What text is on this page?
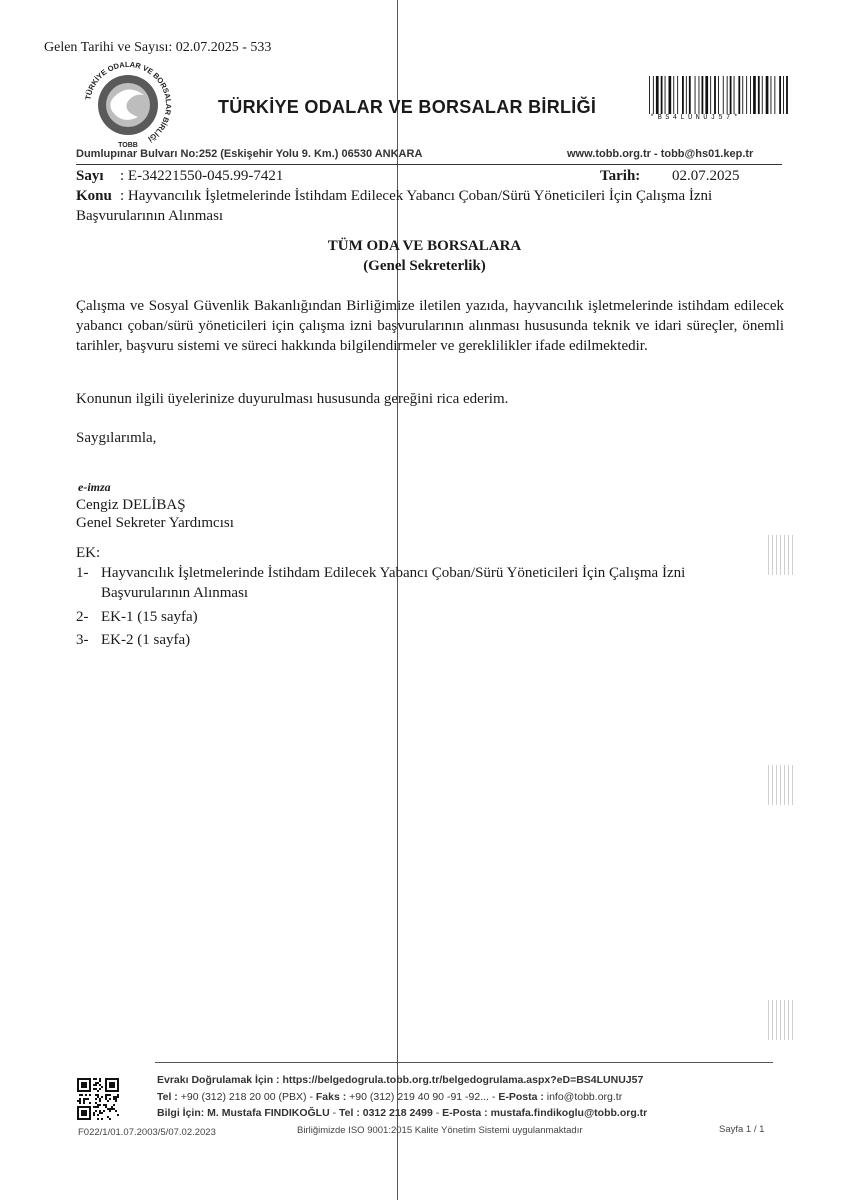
Gelen Tarihi ve Sayısı: 02.07.2025 - 533
TÜRKİYE ODALAR VE BORSALAR BİRLİĞİ
TOBB
TÜRKİYE ODALAR VE BORSALAR BİRLİĞİ
*BS4LUNUJ57*
Dumlupınar Bulvarı No:252 (Eskişehir Yolu 9. Km.) 06530 ANKARA	www.tobb.org.tr - tobb@hs01.kep.tr
Sayı : E-34221550-045.99-7421	Tarih: 02.07.2025
Konu : Hayvancılık İşletmelerinde İstihdam Edilecek Yabancı Çoban/Sürü Yöneticileri İçin Çalışma İzni
Başvurularının Alınması
TÜM ODA VE BORSALARA
(Genel Sekreterlik)
Çalışma ve Sosyal Güvenlik Bakanlığından Birliğimize iletilen yazıda, hayvancılık işletmelerinde istihdam edilecek yabancı çoban/sürü yöneticileri için çalışma izni başvurularının alınması hususunda teknik ve idari süreçler, önemli tarihler, başvuru sistemi ve süreci hakkında bilgilendirmeler ve gereklilikler ifade edilmektedir.
Konunun ilgili üyelerinize duyurulması hususunda gereğini rica ederim.
Saygılarımla,
e-imza
Cengiz DELİBAŞ
Genel Sekreter Yardımcısı
EK:
1- Hayvancılık İşletmelerinde İstihdam Edilecek Yabancı Çoban/Sürü Yöneticileri İçin Çalışma İzni
Başvurularının Alınması
2- EK-1 (15 sayfa)
3- EK-2 (1 sayfa)
Evrakı Doğrulamak İçin : https://belgedogrula.tobb.org.tr/belgedogrulama.aspx?eD=BS4LUNUJ57
Tel : +90 (312) 218 20 00 (PBX) - Faks : +90 (312) 219 40 90 -91 -92... - E-Posta : info@tobb.org.tr
Bilgi İçin: M. Mustafa FINDIKOĞLU - Tel : 0312 218 2499 - E-Posta : mustafa.findikoglu@tobb.org.tr
F022/1/01.07.2003/5/07.02.2023	Birliğimizde ISO 9001:2015 Kalite Yönetim Sistemi uygulanmaktadır	Sayfa 1 / 1
